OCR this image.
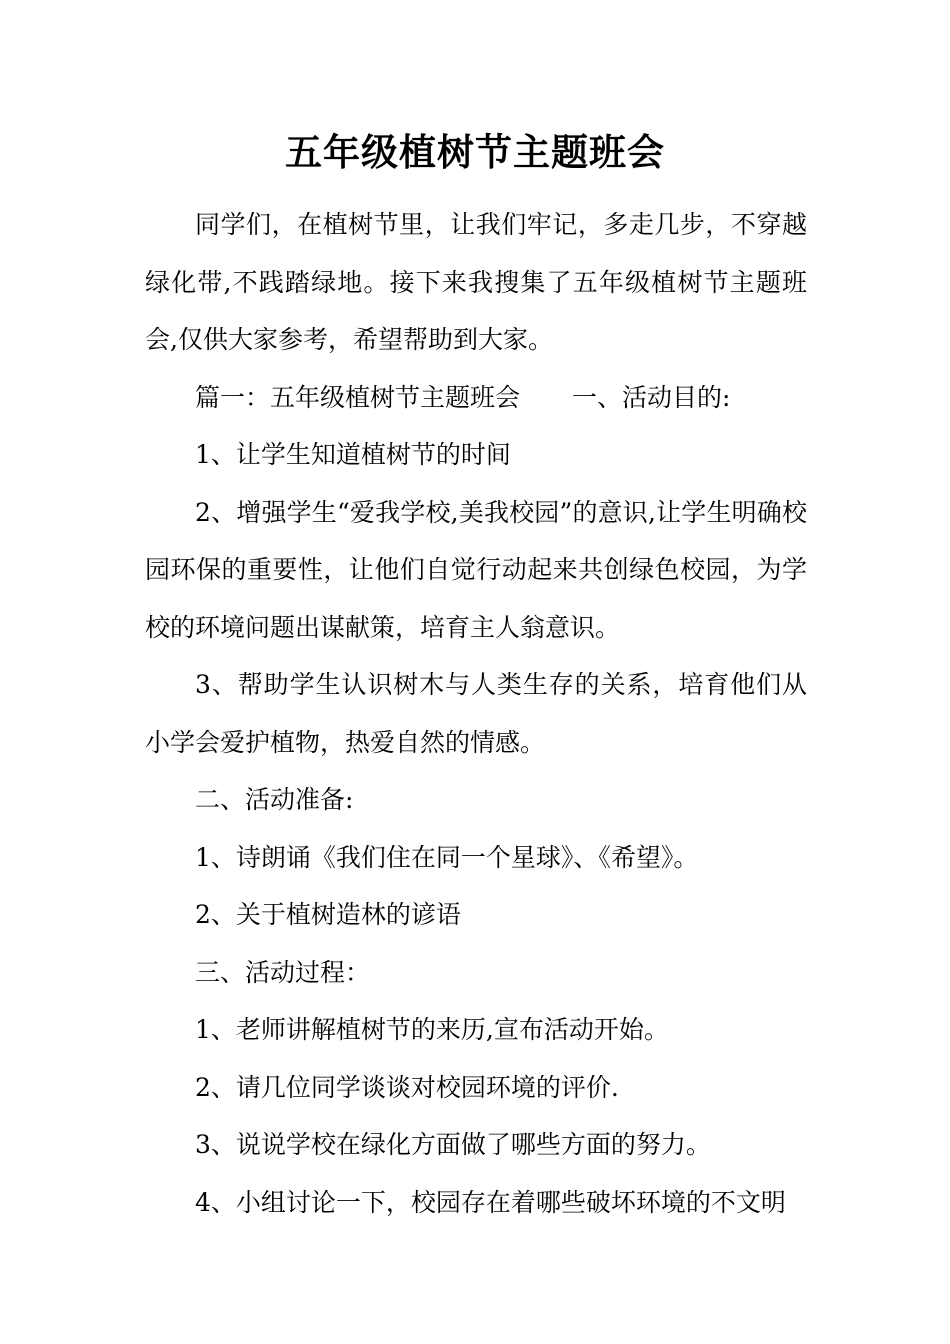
五年级植树节主题班会

同学们，在植树节里，让我们牢记，多走几步，不穿越绿化带,不践踏绿地。接下来我搜集了五年级植树节主题班会,仅供大家参考，希望帮助到大家。

篇一：五年级植树节主题班会 一、活动目的:

1、让学生知道植树节的时间

2、增强学生“爱我学校,美我校园”的意识,让学生明确校园环保的重要性，让他们自觉行动起来共创绿色校园，为学校的环境问题出谋献策，培育主人翁意识。

3、帮助学生认识树木与人类生存的关系，培育他们从小学会爱护植物，热爱自然的情感。

二、活动准备:

1、诗朗诵《我们住在同一个星球》、《希望》。

2、关于植树造林的谚语

三、活动过程：

1、老师讲解植树节的来历,宣布活动开始。

2、请几位同学谈谈对校园环境的评价.

3、说说学校在绿化方面做了哪些方面的努力。

4、小组讨论一下，校园存在着哪些破坏环境的不文明
